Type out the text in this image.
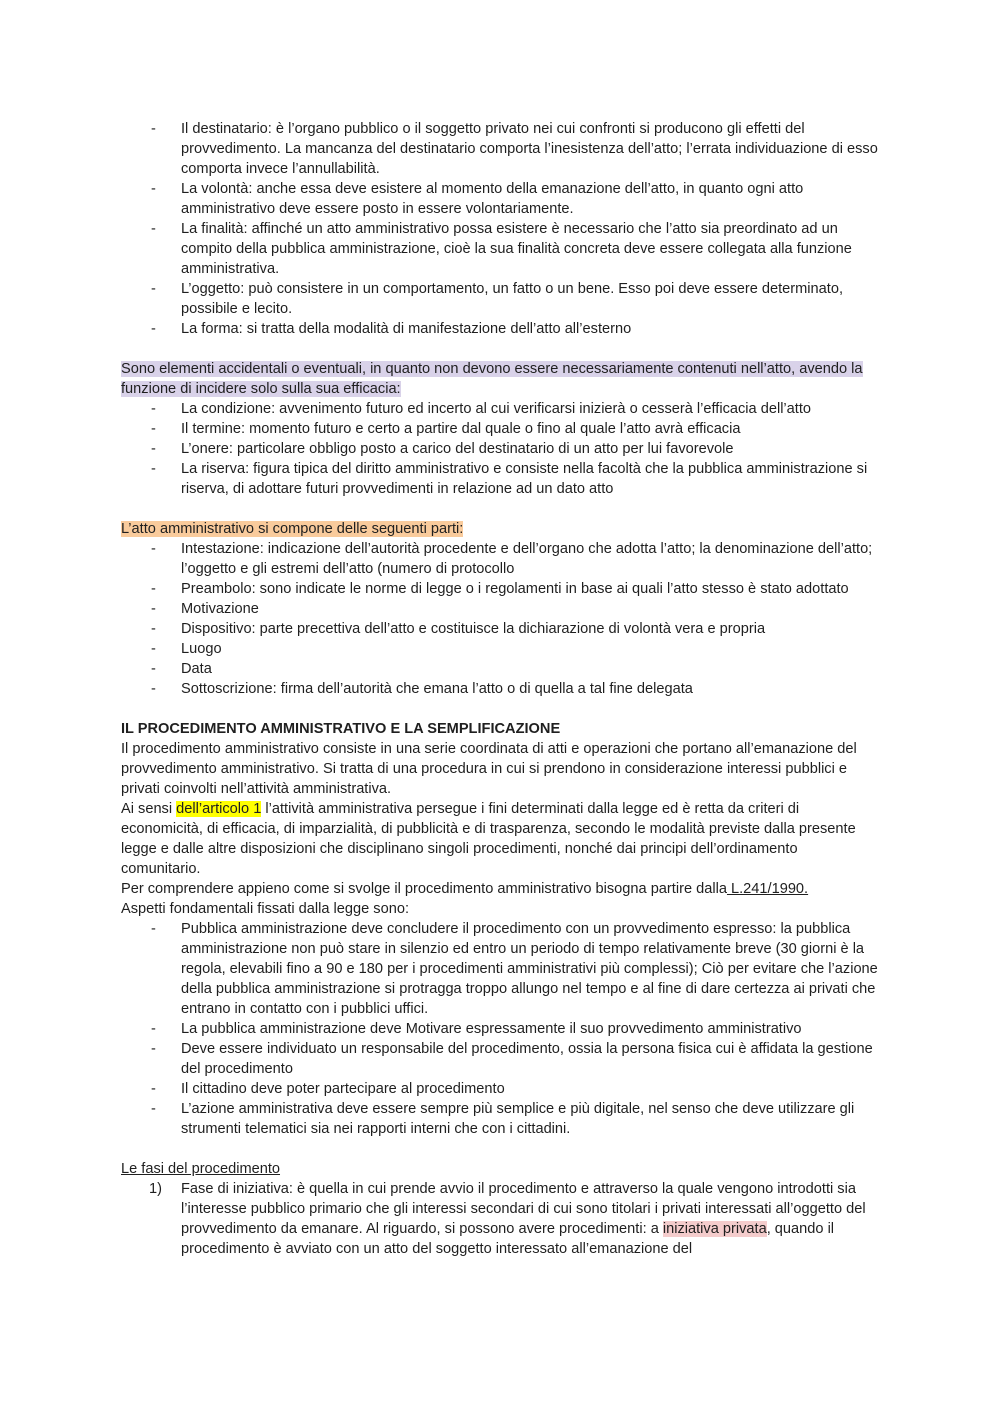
- Il destinatario: è l’organo pubblico o il soggetto privato nei cui confronti si producono gli effetti del provvedimento. La mancanza del destinatario comporta l’inesistenza dell’atto; l’errata individuazione di esso comporta invece l’annullabilità.
- La volontà: anche essa deve esistere al momento della emanazione dell’atto, in quanto ogni atto amministrativo deve essere posto in essere volontariamente.
- La finalità: affinché un atto amministrativo possa esistere è necessario che l’atto sia preordinato ad un compito della pubblica amministrazione, cioè la sua finalità concreta deve essere collegata alla funzione amministrativa.
- L’oggetto: può consistere in un comportamento, un fatto o un bene. Esso poi deve essere determinato, possibile e lecito.
- La forma: si tratta della modalità di manifestazione dell’atto all’esterno

Sono elementi accidentali o eventuali, in quanto non devono essere necessariamente contenuti nell’atto, avendo la funzione di incidere solo sulla sua efficacia:

- La condizione: avvenimento futuro ed incerto al cui verificarsi inizierà o cesserà l’efficacia dell’atto
- Il termine: momento futuro e certo a partire dal quale o fino al quale l’atto avrà efficacia
- L’onere: particolare obbligo posto a carico del destinatario di un atto per lui favorevole
- La riserva: figura tipica del diritto amministrativo e consiste nella facoltà che la pubblica amministrazione si riserva, di adottare futuri provvedimenti in relazione ad un dato atto

L’atto amministrativo si compone delle seguenti parti:

- Intestazione: indicazione dell’autorità procedente e dell’organo che adotta l’atto; la denominazione dell’atto; l’oggetto e gli estremi dell’atto (numero di protocollo
- Preambolo: sono indicate le norme di legge o i regolamenti in base ai quali l’atto stesso è stato adottato
- Motivazione
- Dispositivo: parte precettiva dell’atto e costituisce la dichiarazione di volontà vera e propria
- Luogo
- Data
- Sottoscrizione: firma dell’autorità che emana l’atto o di quella a tal fine delegata

IL PROCEDIMENTO AMMINISTRATIVO E LA SEMPLIFICAZIONE

Il procedimento amministrativo consiste in una serie coordinata di atti e operazioni che portano all’emanazione del provvedimento amministrativo. Si tratta di una procedura in cui si prendono in considerazione interessi pubblici e privati coinvolti nell’attività amministrativa.

Ai sensi dell’articolo 1 l’attività amministrativa persegue i fini determinati dalla legge ed è retta da criteri di economicità, di efficacia, di imparzialità, di pubblicità e di trasparenza, secondo le modalità previste dalla presente legge e dalle altre disposizioni che disciplinano singoli procedimenti, nonché dai principi dell’ordinamento comunitario.

Per comprendere appieno come si svolge il procedimento amministrativo bisogna partire dalla L.241/1990.

Aspetti fondamentali fissati dalla legge sono:

- Pubblica amministrazione deve concludere il procedimento con un provvedimento espresso: la pubblica amministrazione non può stare in silenzio ed entro un periodo di tempo relativamente breve (30 giorni è la regola, elevabili fino a 90 e 180 per i procedimenti amministrativi più complessi); Ciò per evitare che l’azione della pubblica amministrazione si protragga troppo allungo nel tempo e al fine di dare certezza ai privati che entrano in contatto con i pubblici uffici.
- La pubblica amministrazione deve Motivare espressamente il suo provvedimento amministrativo
- Deve essere individuato un responsabile del procedimento, ossia la persona fisica cui è affidata la gestione del procedimento
- Il cittadino deve poter partecipare al procedimento
- L’azione amministrativa deve essere sempre più semplice e più digitale, nel senso che deve utilizzare gli strumenti telematici sia nei rapporti interni che con i cittadini.

Le fasi del procedimento

1) Fase di iniziativa: è quella in cui prende avvio il procedimento e attraverso la quale vengono introdotti sia l’interesse pubblico primario che gli interessi secondari di cui sono titolari i privati interessati all’oggetto del provvedimento da emanare. Al riguardo, si possono avere procedimenti: a iniziativa privata, quando il procedimento è avviato con un atto del soggetto interessato all’emanazione del
